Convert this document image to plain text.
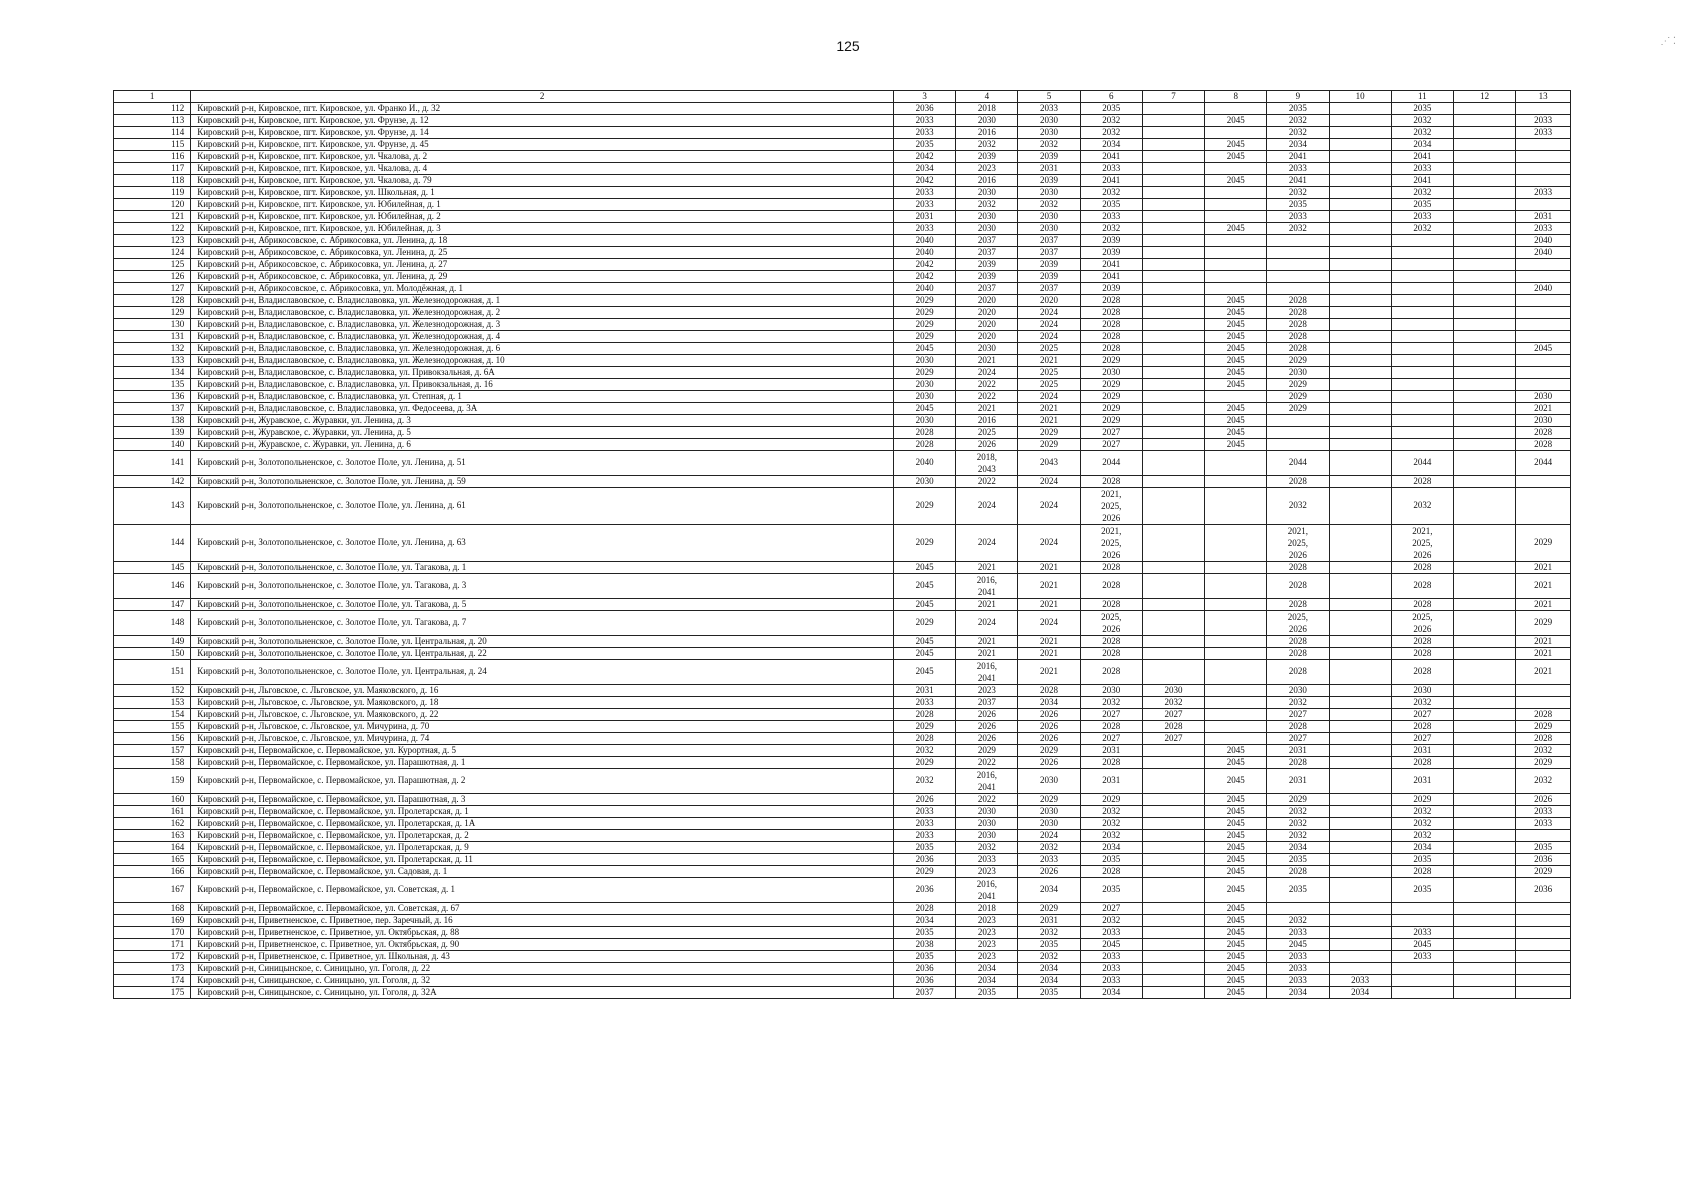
125	⋰ ⁚
1	2	3	4	5	6	7	8	9	10	11	12	13
112	Кировский р-н, Кировское, пгт. Кировское, ул. Франко И., д. 32	2036	2018	2033	2035			2035		2035		
113	Кировский р-н, Кировское, пгт. Кировское, ул. Фрунзе, д. 12	2033	2030	2030	2032		2045	2032		2032		2033
114	Кировский р-н, Кировское, пгт. Кировское, ул. Фрунзе, д. 14	2033	2016	2030	2032			2032		2032		2033
115	Кировский р-н, Кировское, пгт. Кировское, ул. Фрунзе, д. 45	2035	2032	2032	2034		2045	2034		2034		
116	Кировский р-н, Кировское, пгт. Кировское, ул. Чкалова, д. 2	2042	2039	2039	2041		2045	2041		2041		
117	Кировский р-н, Кировское, пгт. Кировское, ул. Чкалова, д. 4	2034	2023	2031	2033			2033		2033		
118	Кировский р-н, Кировское, пгт. Кировское, ул. Чкалова, д. 79	2042	2016	2039	2041		2045	2041		2041		
119	Кировский р-н, Кировское, пгт. Кировское, ул. Школьная, д. 1	2033	2030	2030	2032			2032		2032		2033
120	Кировский р-н, Кировское, пгт. Кировское, ул. Юбилейная, д. 1	2033	2032	2032	2035			2035		2035		
121	Кировский р-н, Кировское, пгт. Кировское, ул. Юбилейная, д. 2	2031	2030	2030	2033			2033		2033		2031
122	Кировский р-н, Кировское, пгт. Кировское, ул. Юбилейная, д. 3	2033	2030	2030	2032		2045	2032		2032		2033
123	Кировский р-н, Абрикосовское, с. Абрикосовка, ул. Ленина, д. 18	2040	2037	2037	2039							2040
124	Кировский р-н, Абрикосовское, с. Абрикосовка, ул. Ленина, д. 25	2040	2037	2037	2039							2040
125	Кировский р-н, Абрикосовское, с. Абрикосовка, ул. Ленина, д. 27	2042	2039	2039	2041							
126	Кировский р-н, Абрикосовское, с. Абрикосовка, ул. Ленина, д. 29	2042	2039	2039	2041							
127	Кировский р-н, Абрикосовское, с. Абрикосовка, ул. Молодёжная, д. 1	2040	2037	2037	2039							2040
128	Кировский р-н, Владиславовское, с. Владиславовка, ул. Железнодорожная, д. 1	2029	2020	2020	2028		2045	2028				
129	Кировский р-н, Владиславовское, с. Владиславовка, ул. Железнодорожная, д. 2	2029	2020	2024	2028		2045	2028				
130	Кировский р-н, Владиславовское, с. Владиславовка, ул. Железнодорожная, д. 3	2029	2020	2024	2028		2045	2028				
131	Кировский р-н, Владиславовское, с. Владиславовка, ул. Железнодорожная, д. 4	2029	2020	2024	2028		2045	2028				
132	Кировский р-н, Владиславовское, с. Владиславовка, ул. Железнодорожная, д. 6	2045	2030	2025	2028		2045	2028				2045
133	Кировский р-н, Владиславовское, с. Владиславовка, ул. Железнодорожная, д. 10	2030	2021	2021	2029		2045	2029				
134	Кировский р-н, Владиславовское, с. Владиславовка, ул. Привокзальная, д. 6А	2029	2024	2025	2030		2045	2030				
135	Кировский р-н, Владиславовское, с. Владиславовка, ул. Привокзальная, д. 16	2030	2022	2025	2029		2045	2029				
136	Кировский р-н, Владиславовское, с. Владиславовка, ул. Степная, д. 1	2030	2022	2024	2029			2029				2030
137	Кировский р-н, Владиславовское, с. Владиславовка, ул. Федосеева, д. 3А	2045	2021	2021	2029		2045	2029				2021
138	Кировский р-н, Журавское, с. Журавки, ул. Ленина, д. 3	2030	2016	2021	2029		2045					2030
139	Кировский р-н, Журавское, с. Журавки, ул. Ленина, д. 5	2028	2025	2029	2027		2045					2028
140	Кировский р-н, Журавское, с. Журавки, ул. Ленина, д. 6	2028	2026	2029	2027		2045					2028
141	Кировский р-н, Золотопольненское, с. Золотое Поле, ул. Ленина, д. 51	2040	2018,
2043	2043	2044			2044		2044		2044
142	Кировский р-н, Золотопольненское, с. Золотое Поле, ул. Ленина, д. 59	2030	2022	2024	2028			2028		2028		
143	Кировский р-н, Золотопольненское, с. Золотое Поле, ул. Ленина, д. 61	2029	2024	2024	2021,
2025,
2026			2032		2032		
144	Кировский р-н, Золотопольненское, с. Золотое Поле, ул. Ленина, д. 63	2029	2024	2024	2021,
2025,
2026			2021,
2025,
2026		2021,
2025,
2026		2029
145	Кировский р-н, Золотопольненское, с. Золотое Поле, ул. Тагакова, д. 1	2045	2021	2021	2028			2028		2028		2021
146	Кировский р-н, Золотопольненское, с. Золотое Поле, ул. Тагакова, д. 3	2045	2016,
2041	2021	2028			2028		2028		2021
147	Кировский р-н, Золотопольненское, с. Золотое Поле, ул. Тагакова, д. 5	2045	2021	2021	2028			2028		2028		2021
148	Кировский р-н, Золотопольненское, с. Золотое Поле, ул. Тагакова, д. 7	2029	2024	2024	2025,
2026			2025,
2026		2025,
2026		2029
149	Кировский р-н, Золотопольненское, с. Золотое Поле, ул. Центральная, д. 20	2045	2021	2021	2028			2028		2028		2021
150	Кировский р-н, Золотопольненское, с. Золотое Поле, ул. Центральная, д. 22	2045	2021	2021	2028			2028		2028		2021
151	Кировский р-н, Золотопольненское, с. Золотое Поле, ул. Центральная, д. 24	2045	2016,
2041	2021	2028			2028		2028		2021
152	Кировский р-н, Льговское, с. Льговское, ул. Маяковского, д. 16	2031	2023	2028	2030	2030		2030		2030		
153	Кировский р-н, Льговское, с. Льговское, ул. Маяковского, д. 18	2033	2037	2034	2032	2032		2032		2032		
154	Кировский р-н, Льговское, с. Льговское, ул. Маяковского, д. 22	2028	2026	2026	2027	2027		2027		2027		2028
155	Кировский р-н, Льговское, с. Льговское, ул. Мичурина, д. 70	2029	2026	2026	2028	2028		2028		2028		2029
156	Кировский р-н, Льговское, с. Льговское, ул. Мичурина, д. 74	2028	2026	2026	2027	2027		2027		2027		2028
157	Кировский р-н, Первомайское, с. Первомайское, ул. Курортная, д. 5	2032	2029	2029	2031		2045	2031		2031		2032
158	Кировский р-н, Первомайское, с. Первомайское, ул. Парашютная, д. 1	2029	2022	2026	2028		2045	2028		2028		2029
159	Кировский р-н, Первомайское, с. Первомайское, ул. Парашютная, д. 2	2032	2016,
2041	2030	2031		2045	2031		2031		2032
160	Кировский р-н, Первомайское, с. Первомайское, ул. Парашютная, д. 3	2026	2022	2029	2029		2045	2029		2029		2026
161	Кировский р-н, Первомайское, с. Первомайское, ул. Пролетарская, д. 1	2033	2030	2030	2032		2045	2032		2032		2033
162	Кировский р-н, Первомайское, с. Первомайское, ул. Пролетарская, д. 1А	2033	2030	2030	2032		2045	2032		2032		2033
163	Кировский р-н, Первомайское, с. Первомайское, ул. Пролетарская, д. 2	2033	2030	2024	2032		2045	2032		2032		
164	Кировский р-н, Первомайское, с. Первомайское, ул. Пролетарская, д. 9	2035	2032	2032	2034		2045	2034		2034		2035
165	Кировский р-н, Первомайское, с. Первомайское, ул. Пролетарская, д. 11	2036	2033	2033	2035		2045	2035		2035		2036
166	Кировский р-н, Первомайское, с. Первомайское, ул. Садовая, д. 1	2029	2023	2026	2028		2045	2028		2028		2029
167	Кировский р-н, Первомайское, с. Первомайское, ул. Советская, д. 1	2036	2016,
2041	2034	2035		2045	2035		2035		2036
168	Кировский р-н, Первомайское, с. Первомайское, ул. Советская, д. 67	2028	2018	2029	2027		2045					
169	Кировский р-н, Приветненское, с. Приветное, пер. Заречный, д. 16	2034	2023	2031	2032		2045	2032				
170	Кировский р-н, Приветненское, с. Приветное, ул. Октябрьская, д. 88	2035	2023	2032	2033		2045	2033		2033		
171	Кировский р-н, Приветненское, с. Приветное, ул. Октябрьская, д. 90	2038	2023	2035	2045		2045	2045		2045		
172	Кировский р-н, Приветненское, с. Приветное, ул. Школьная, д. 43	2035	2023	2032	2033		2045	2033		2033		
173	Кировский р-н, Синицынское, с. Синицыно, ул. Гоголя, д. 22	2036	2034	2034	2033		2045	2033				
174	Кировский р-н, Синицынское, с. Синицыно, ул. Гоголя, д. 32	2036	2034	2034	2033		2045	2033	2033			
175	Кировский р-н, Синицынское, с. Синицыно, ул. Гоголя, д. 32А	2037	2035	2035	2034		2045	2034	2034			
